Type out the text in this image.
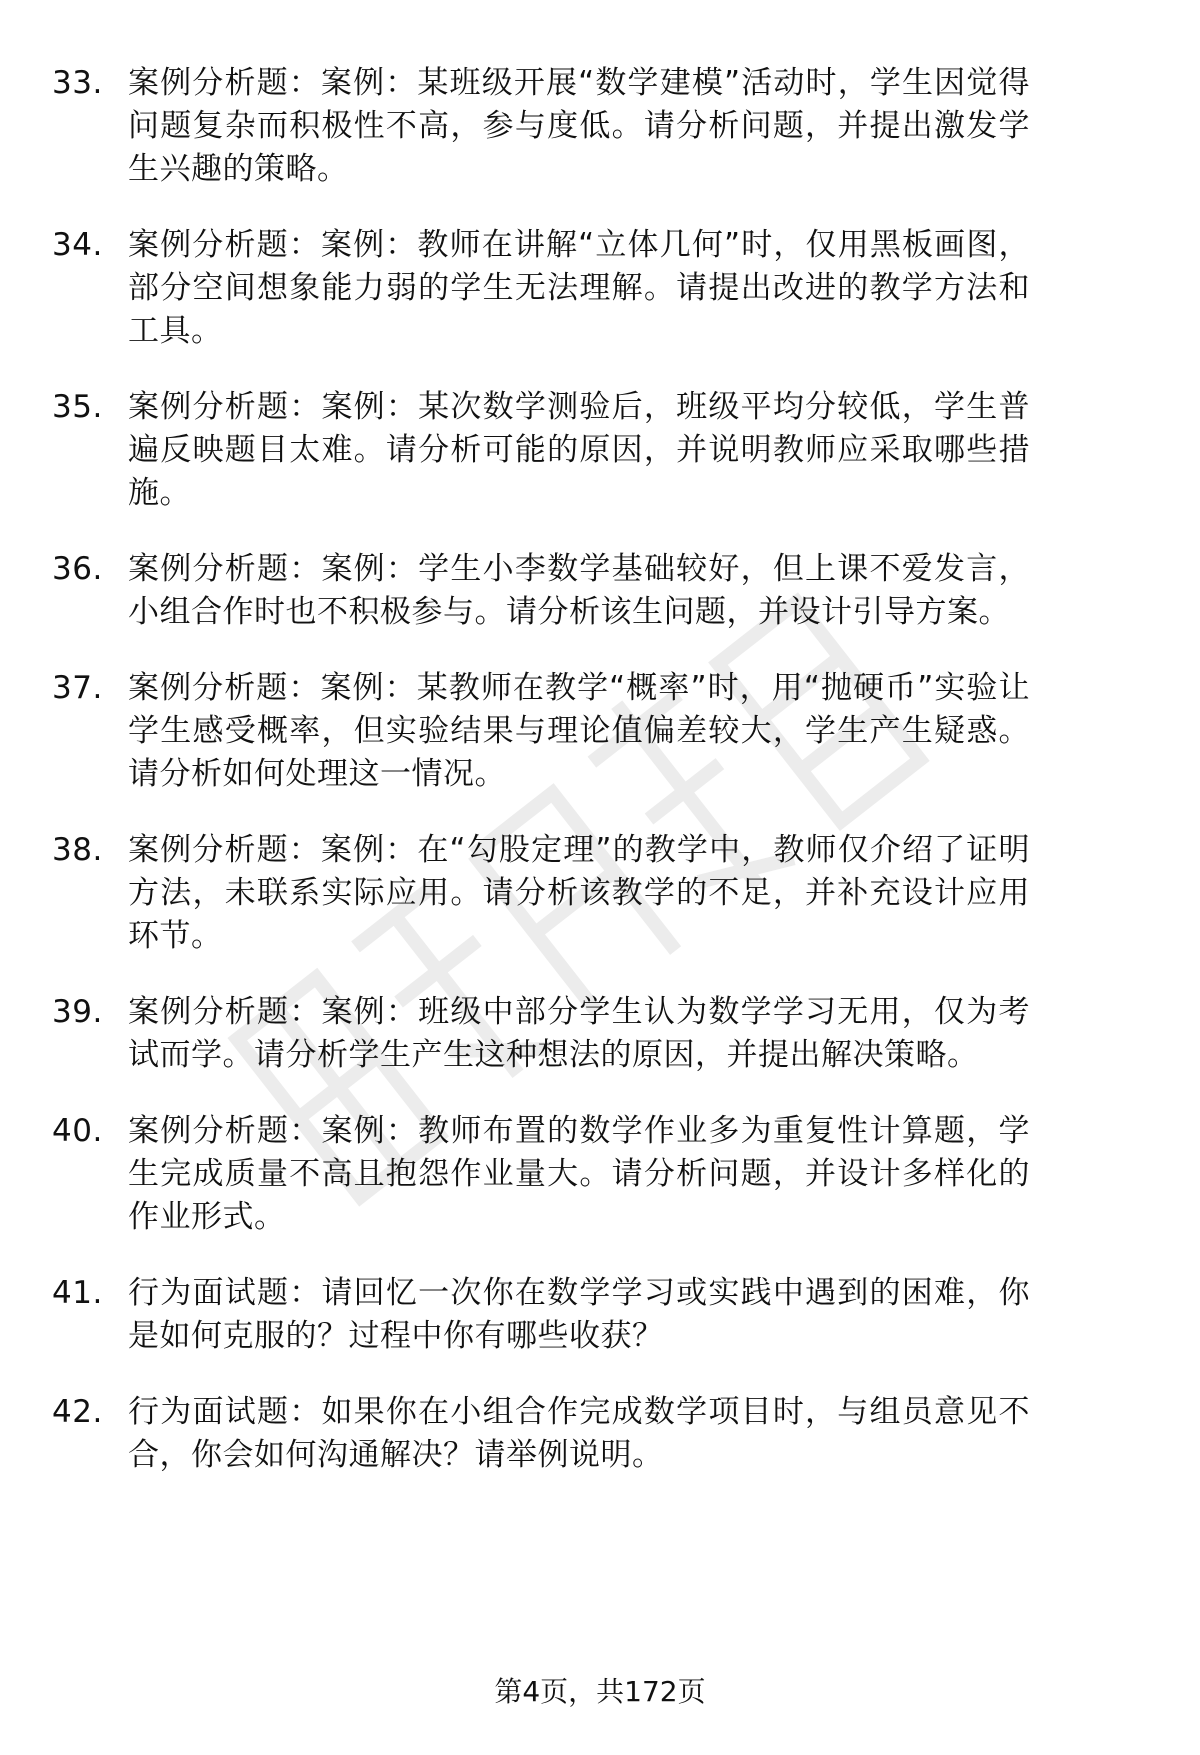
33. 案例分析题：案例：某班级开展“数学建模”活动时，学生因觉得问题复杂而积极性不高，参与度低。请分析问题，并提出激发学生兴趣的策略。
34. 案例分析题：案例：教师在讲解“立体几何”时，仅用黑板画图，部分空间想象能力弱的学生无法理解。请提出改进的教学方法和工具。
35. 案例分析题：案例：某次数学测验后，班级平均分较低，学生普遍反映题目太难。请分析可能的原因，并说明教师应采取哪些措施。
36. 案例分析题：案例：学生小李数学基础较好，但上课不爱发言，小组合作时也不积极参与。请分析该生问题，并设计引导方案。
37. 案例分析题：案例：某教师在教学“概率”时，用“抛硬币”实验让学生感受概率，但实验结果与理论值偏差较大，学生产生疑惑。请分析如何处理这一情况。
38. 案例分析题：案例：在“勾股定理”的教学中，教师仅介绍了证明方法，未联系实际应用。请分析该教学的不足，并补充设计应用环节。
39. 案例分析题：案例：班级中部分学生认为数学学习无用，仅为考试而学。请分析学生产生这种想法的原因，并提出解决策略。
40. 案例分析题：案例：教师布置的数学作业多为重复性计算题，学生完成质量不高且抱怨作业量大。请分析问题，并设计多样化的作业形式。
41. 行为面试题：请回忆一次你在数学学习或实践中遇到的困难，你是如何克服的？过程中你有哪些收获？
42. 行为面试题：如果你在小组合作完成数学项目时，与组员意见不合，你会如何沟通解决？请举例说明。
第4页，共172页
